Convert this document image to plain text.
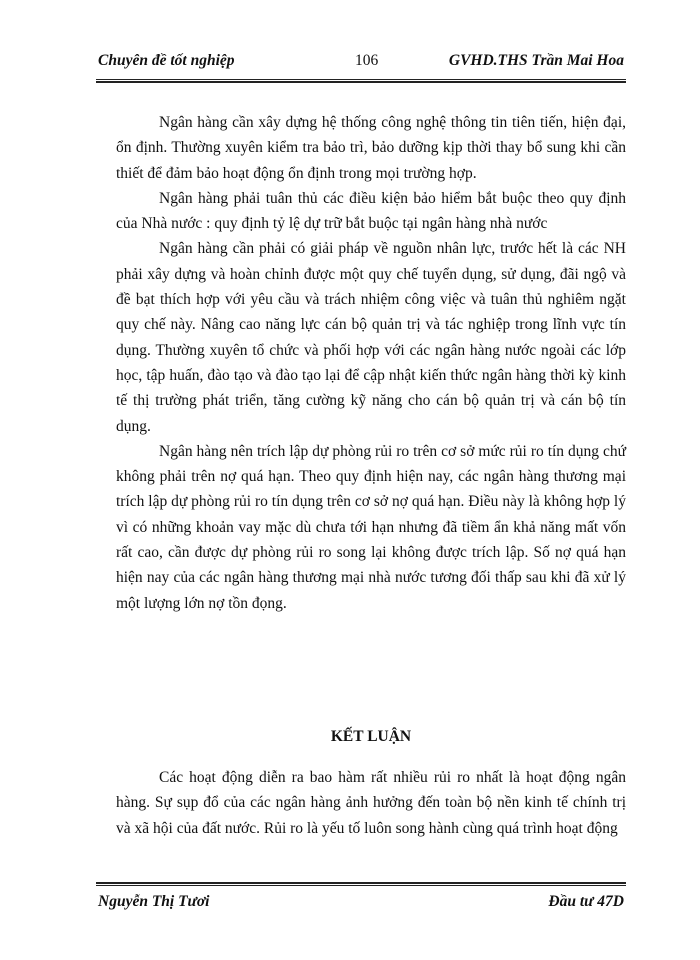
Chuyên đề tốt nghiệp	106	GVHD.THS Trần Mai Hoa

Ngân hàng cần xây dựng hệ thống công nghệ thông tin tiên tiến, hiện đại, ổn định. Thường xuyên kiểm tra bảo trì, bảo dưỡng kịp thời thay bổ sung khi cần thiết để đảm bảo hoạt động ổn định trong mọi trường hợp.

Ngân hàng phải tuân thủ các điều kiện bảo hiểm bắt buộc theo quy định của Nhà nước : quy định tỷ lệ dự trữ bắt buộc tại ngân hàng nhà nước

Ngân hàng cần phải có giải pháp về nguồn nhân lực, trước hết là các NH phải xây dựng và hoàn chỉnh được một quy chế tuyển dụng, sử dụng, đãi ngộ và đề bạt thích hợp với yêu cầu và trách nhiệm công việc và tuân thủ nghiêm ngặt quy chế này. Nâng cao năng lực cán bộ quản trị và tác nghiệp trong lĩnh vực tín dụng. Thường xuyên tổ chức và phối hợp với các ngân hàng nước ngoài các lớp học, tập huấn, đào tạo và đào tạo lại để cập nhật kiến thức ngân hàng thời kỳ kinh tế thị trường phát triển, tăng cường kỹ năng cho cán bộ quản trị và cán bộ tín dụng.

Ngân hàng nên trích lập dự phòng rủi ro trên cơ sở mức rủi ro tín dụng chứ không phải trên nợ quá hạn. Theo quy định hiện nay, các ngân hàng thương mại trích lập dự phòng rủi ro tín dụng trên cơ sở nợ quá hạn. Điều này là không hợp lý vì có những khoản vay mặc dù chưa tới hạn nhưng đã tiềm ẩn khả năng mất vốn rất cao, cần được dự phòng rủi ro song lại không được trích lập. Số nợ quá hạn hiện nay của các ngân hàng thương mại nhà nước tương đối thấp sau khi đã xử lý một lượng lớn nợ tồn đọng.

KẾT LUẬN

Các hoạt động diễn ra bao hàm rất nhiều rủi ro nhất là hoạt động ngân hàng. Sự sụp đổ của các ngân hàng ảnh hưởng đến toàn bộ nền kinh tế chính trị và xã hội của đất nước. Rủi ro là yếu tố luôn song hành cùng quá trình hoạt động

Nguyễn Thị Tươi	Đầu tư 47D
